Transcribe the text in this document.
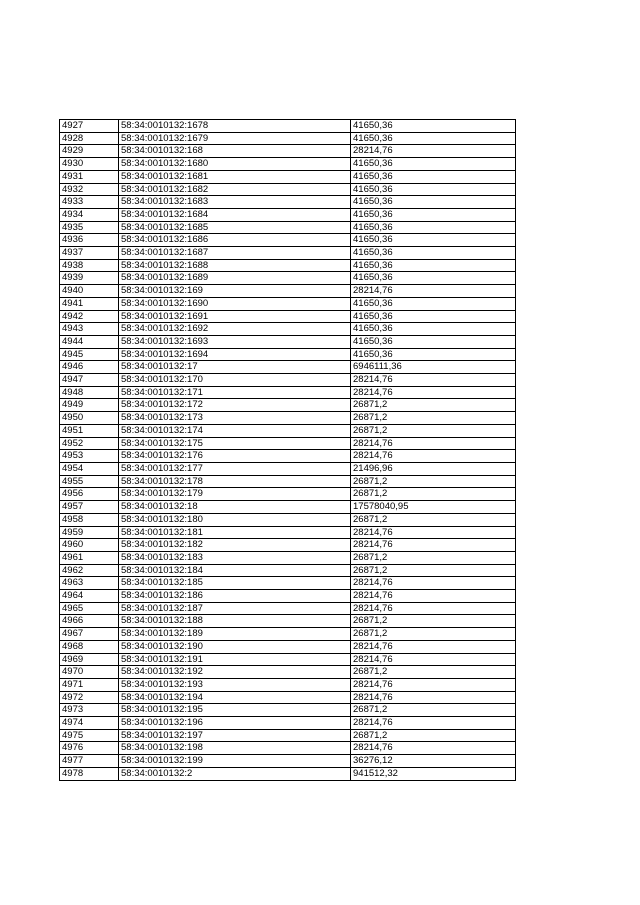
4927	58:34:0010132:1678	41650,36
4928	58:34:0010132:1679	41650,36
4929	58:34:0010132:168	28214,76
4930	58:34:0010132:1680	41650,36
4931	58:34:0010132:1681	41650,36
4932	58:34:0010132:1682	41650,36
4933	58:34:0010132:1683	41650,36
4934	58:34:0010132:1684	41650,36
4935	58:34:0010132:1685	41650,36
4936	58:34:0010132:1686	41650,36
4937	58:34:0010132:1687	41650,36
4938	58:34:0010132:1688	41650,36
4939	58:34:0010132:1689	41650,36
4940	58:34:0010132:169	28214,76
4941	58:34:0010132:1690	41650,36
4942	58:34:0010132:1691	41650,36
4943	58:34:0010132:1692	41650,36
4944	58:34:0010132:1693	41650,36
4945	58:34:0010132:1694	41650,36
4946	58:34:0010132:17	6946111,36
4947	58:34:0010132:170	28214,76
4948	58:34:0010132:171	28214,76
4949	58:34:0010132:172	26871,2
4950	58:34:0010132:173	26871,2
4951	58:34:0010132:174	26871,2
4952	58:34:0010132:175	28214,76
4953	58:34:0010132:176	28214,76
4954	58:34:0010132:177	21496,96
4955	58:34:0010132:178	26871,2
4956	58:34:0010132:179	26871,2
4957	58:34:0010132:18	17578040,95
4958	58:34:0010132:180	26871,2
4959	58:34:0010132:181	28214,76
4960	58:34:0010132:182	28214,76
4961	58:34:0010132:183	26871,2
4962	58:34:0010132:184	26871,2
4963	58:34:0010132:185	28214,76
4964	58:34:0010132:186	28214,76
4965	58:34:0010132:187	28214,76
4966	58:34:0010132:188	26871,2
4967	58:34:0010132:189	26871,2
4968	58:34:0010132:190	28214,76
4969	58:34:0010132:191	28214,76
4970	58:34:0010132:192	26871,2
4971	58:34:0010132:193	28214,76
4972	58:34:0010132:194	28214,76
4973	58:34:0010132:195	26871,2
4974	58:34:0010132:196	28214,76
4975	58:34:0010132:197	26871,2
4976	58:34:0010132:198	28214,76
4977	58:34:0010132:199	36276,12
4978	58:34:0010132:2	941512,32
